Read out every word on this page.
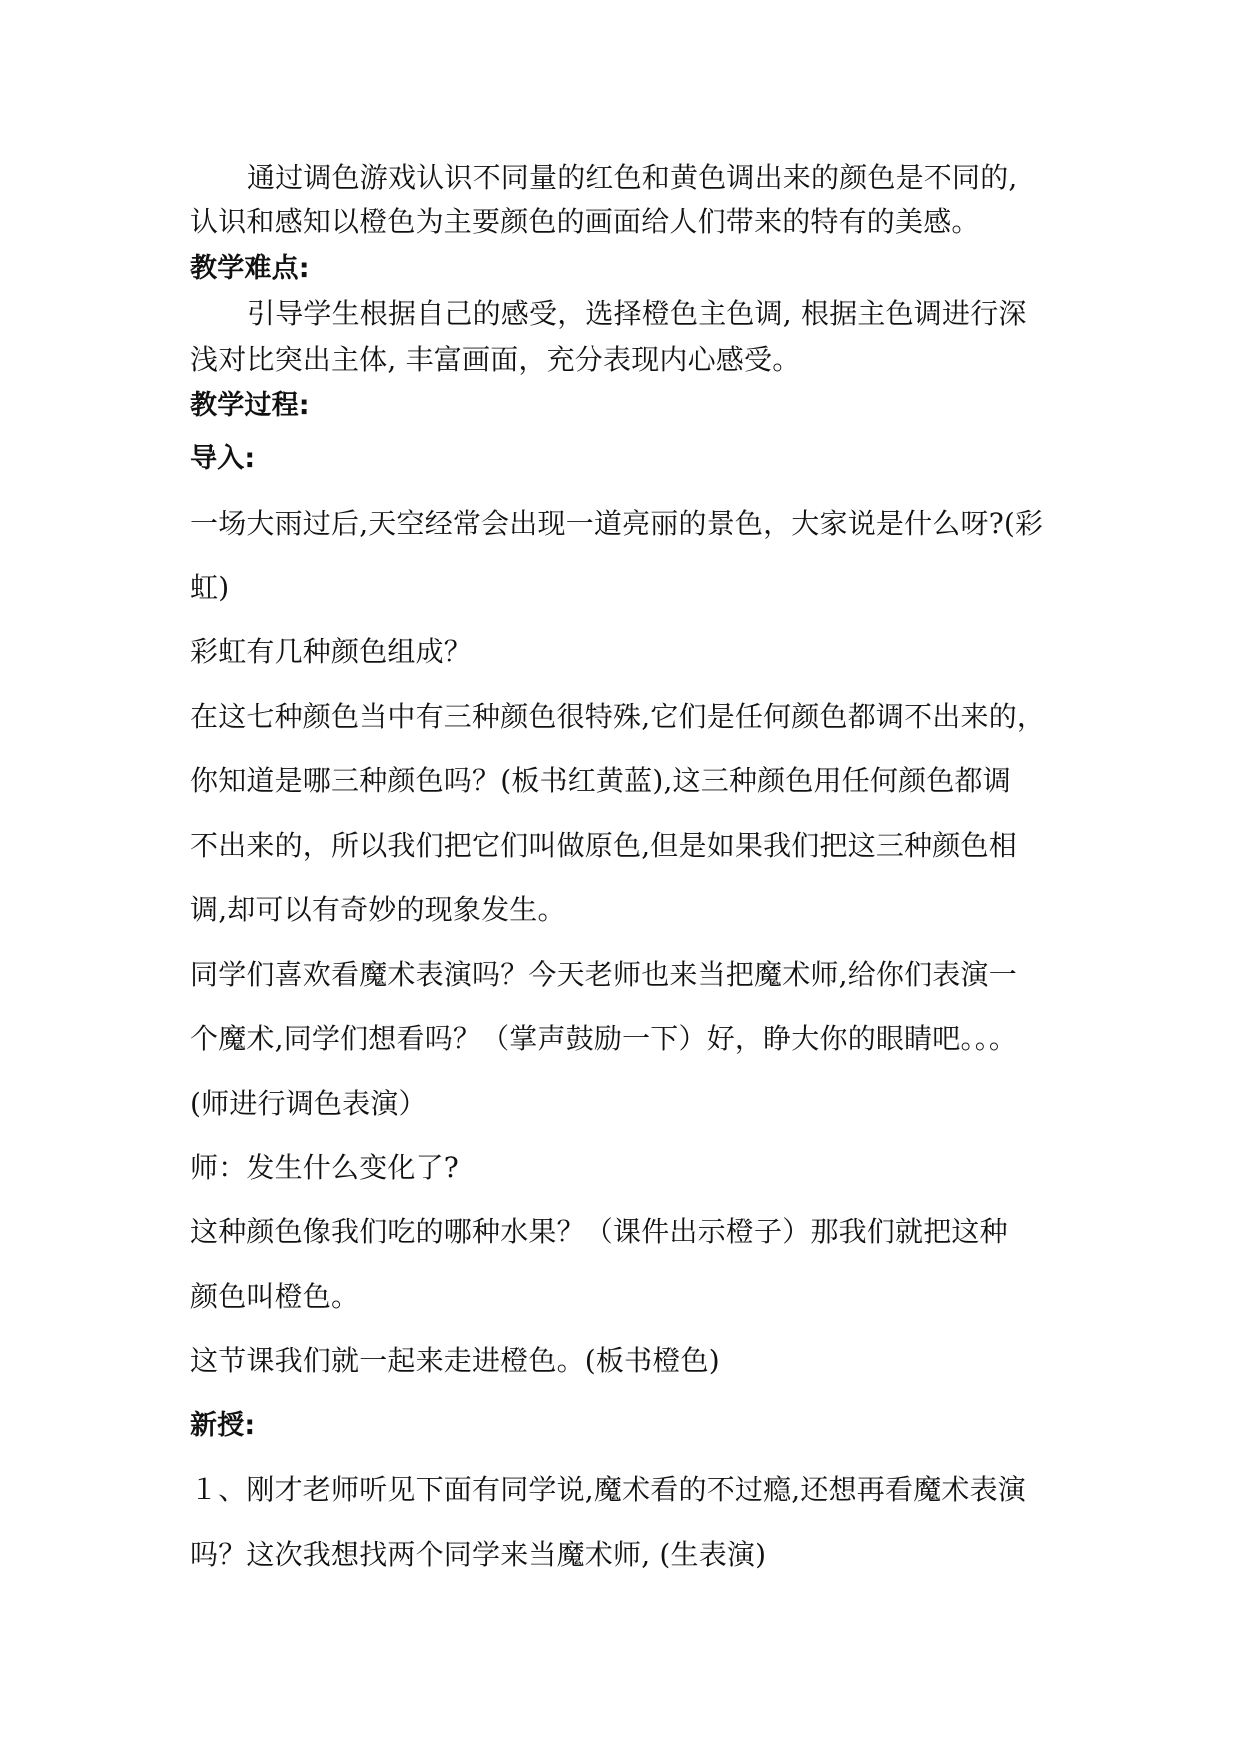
通过调色游戏认识不同量的红色和黄色调出来的颜色是不同的,
认识和感知以橙色为主要颜色的画面给人们带来的特有的美感。
教学难点:
引导学生根据自己的感受，选择橙色主色调, 根据主色调进行深
浅对比突出主体, 丰富画面，充分表现内心感受。
教学过程:
导入:
一场大雨过后,天空经常会出现一道亮丽的景色，大家说是什么呀?(彩
虹)
彩虹有几种颜色组成？
在这七种颜色当中有三种颜色很特殊,它们是任何颜色都调不出来的，
你知道是哪三种颜色吗？(板书红黄蓝),这三种颜色用任何颜色都调
不出来的，所以我们把它们叫做原色,但是如果我们把这三种颜色相
调,却可以有奇妙的现象发生。
同学们喜欢看魔术表演吗？今天老师也来当把魔术师,给你们表演一
个魔术,同学们想看吗？（掌声鼓励一下）好，睁大你的眼睛吧。。。
(师进行调色表演）
师：发生什么变化了?
这种颜色像我们吃的哪种水果？（课件出示橙子）那我们就把这种
颜色叫橙色。
这节课我们就一起来走进橙色。(板书橙色)
新授:
１、刚才老师听见下面有同学说,魔术看的不过瘾,还想再看魔术表演
吗？这次我想找两个同学来当魔术师, (生表演)
